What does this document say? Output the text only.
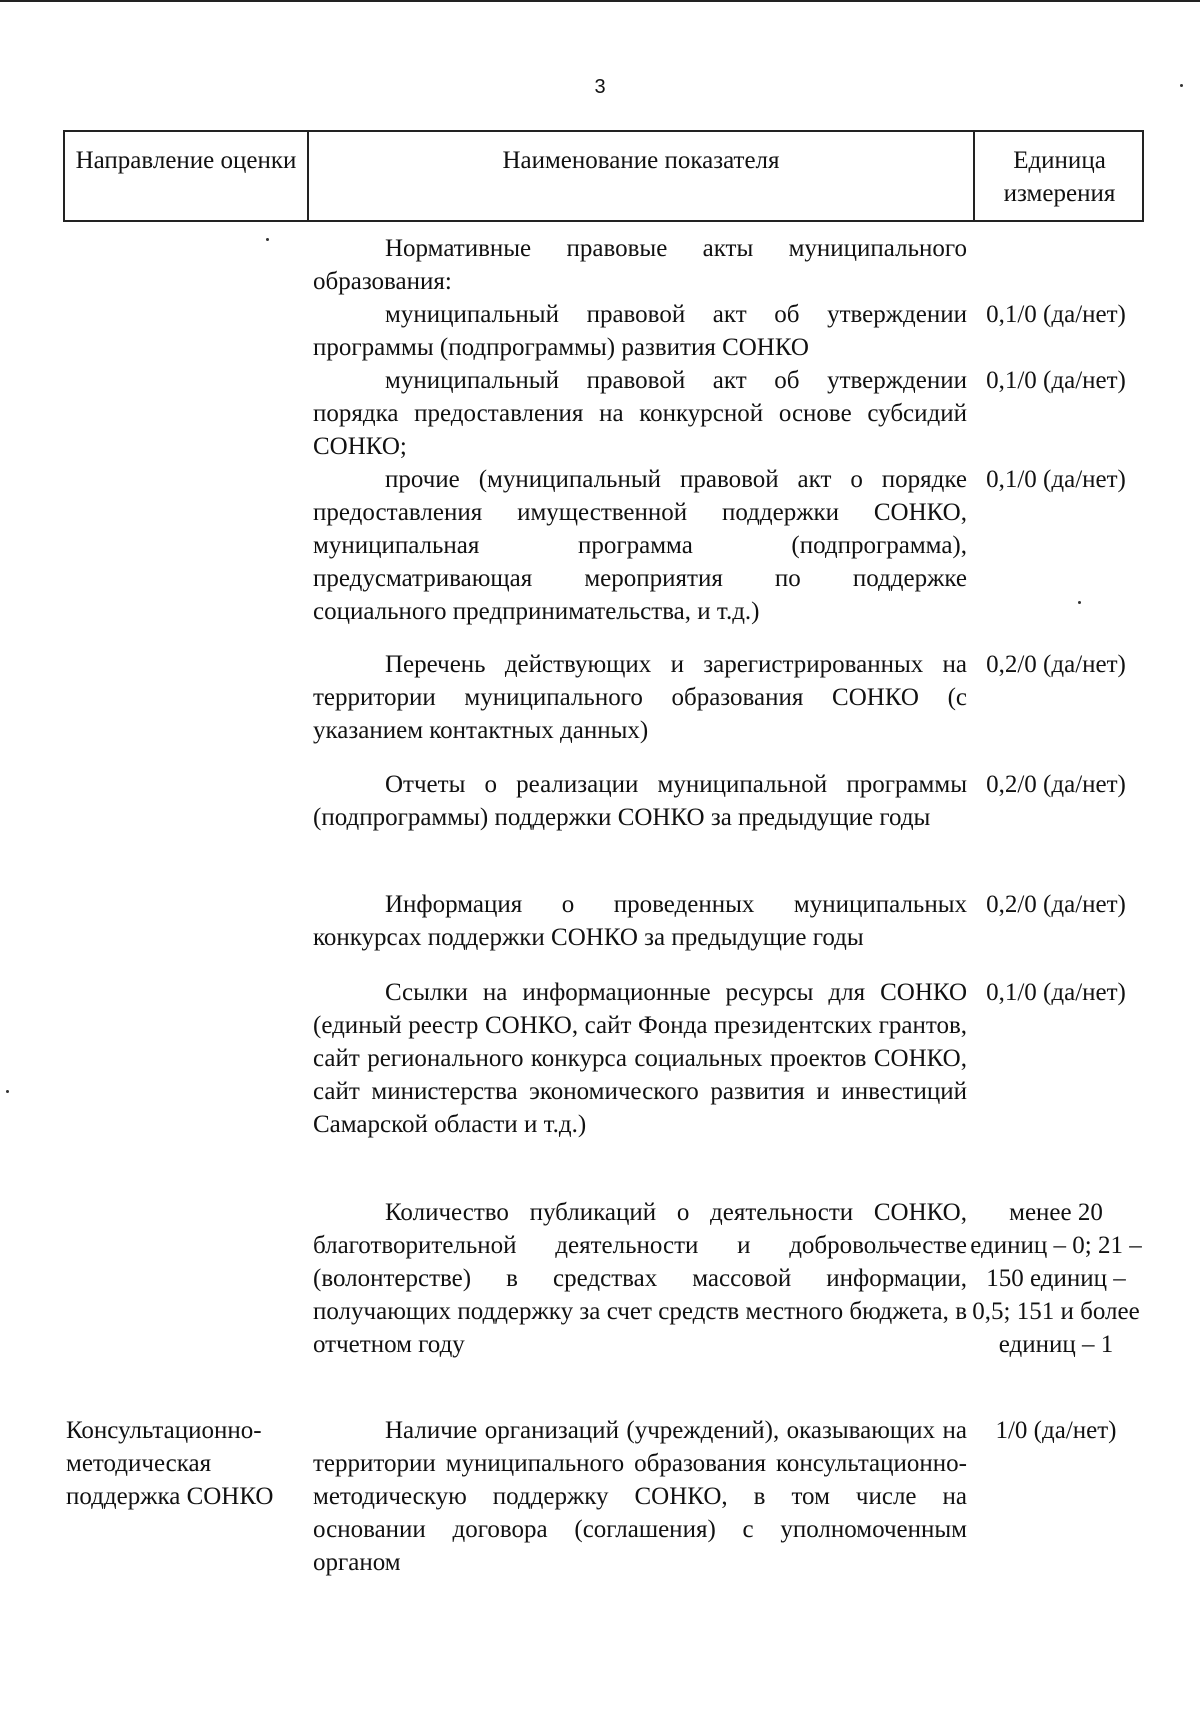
3
Направление оценки	Наименование показателя	Единица измерения

Нормативные правовые акты муниципального образования:

муниципальный правовой акт об утверждении программы (подпрограммы) развития СОНКО

0,1/0 (да/нет)

муниципальный правовой акт об утверждении порядка предоставления на конкурсной основе субсидий СОНКО;

0,1/0 (да/нет)

прочие (муниципальный правовой акт о порядке предоставления имущественной поддержки СОНКО, муниципальная программа (подпрограмма), предусматривающая мероприятия по поддержке социального предпринимательства, и т.д.)

0,1/0 (да/нет)

Перечень действующих и зарегистрированных на территории муниципального образования СОНКО (с указанием контактных данных)

0,2/0 (да/нет)

Отчеты о реализации муниципальной программы (подпрограммы) поддержки СОНКО за предыдущие годы

0,2/0 (да/нет)

Информация о проведенных муниципальных конкурсах поддержки СОНКО за предыдущие годы

0,2/0 (да/нет)

Ссылки на информационные ресурсы для СОНКО (единый реестр СОНКО, сайт Фонда президентских грантов, сайт регионального конкурса социальных проектов СОНКО, сайт министерства экономического развития и инвестиций Самарской области и т.д.)

0,1/0 (да/нет)

Количество публикаций о деятельности СОНКО, благотворительной деятельности и добровольчестве (волонтерстве) в средствах массовой информации, получающих поддержку за счет средств местного бюджета, в отчетном году

менее 20 единиц – 0; 21 – 150 единиц – 0,5; 151 и более единиц – 1
Консультационно-методическая поддержка СОНКО

Наличие организаций (учреждений), оказывающих на территории муниципального образования консультационно-методическую поддержку СОНКО, в том числе на основании договора (соглашения) с уполномоченным органом

1/0 (да/нет)
